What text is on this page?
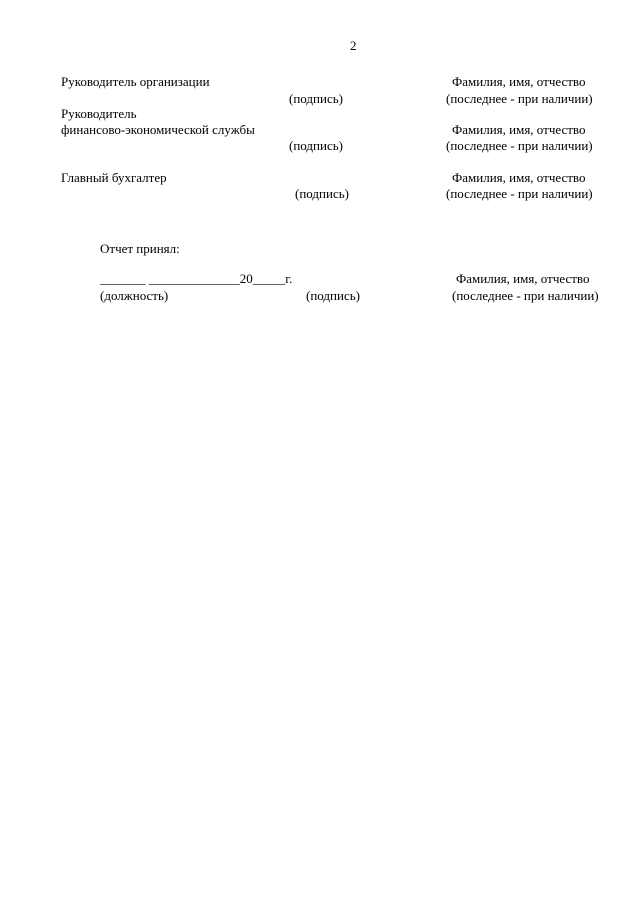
2
Руководитель организации	Фамилия, имя, отчество
(подпись)	(последнее - при наличии)
Руководитель
финансово-экономической службы	Фамилия, имя, отчество
(подпись)	(последнее - при наличии)
Главный бухгалтер	Фамилия, имя, отчество
(подпись)	(последнее - при наличии)
Отчет принял:
_______ ______________20_____г.	Фамилия, имя, отчество
(должность)	(подпись)	(последнее - при наличии)
